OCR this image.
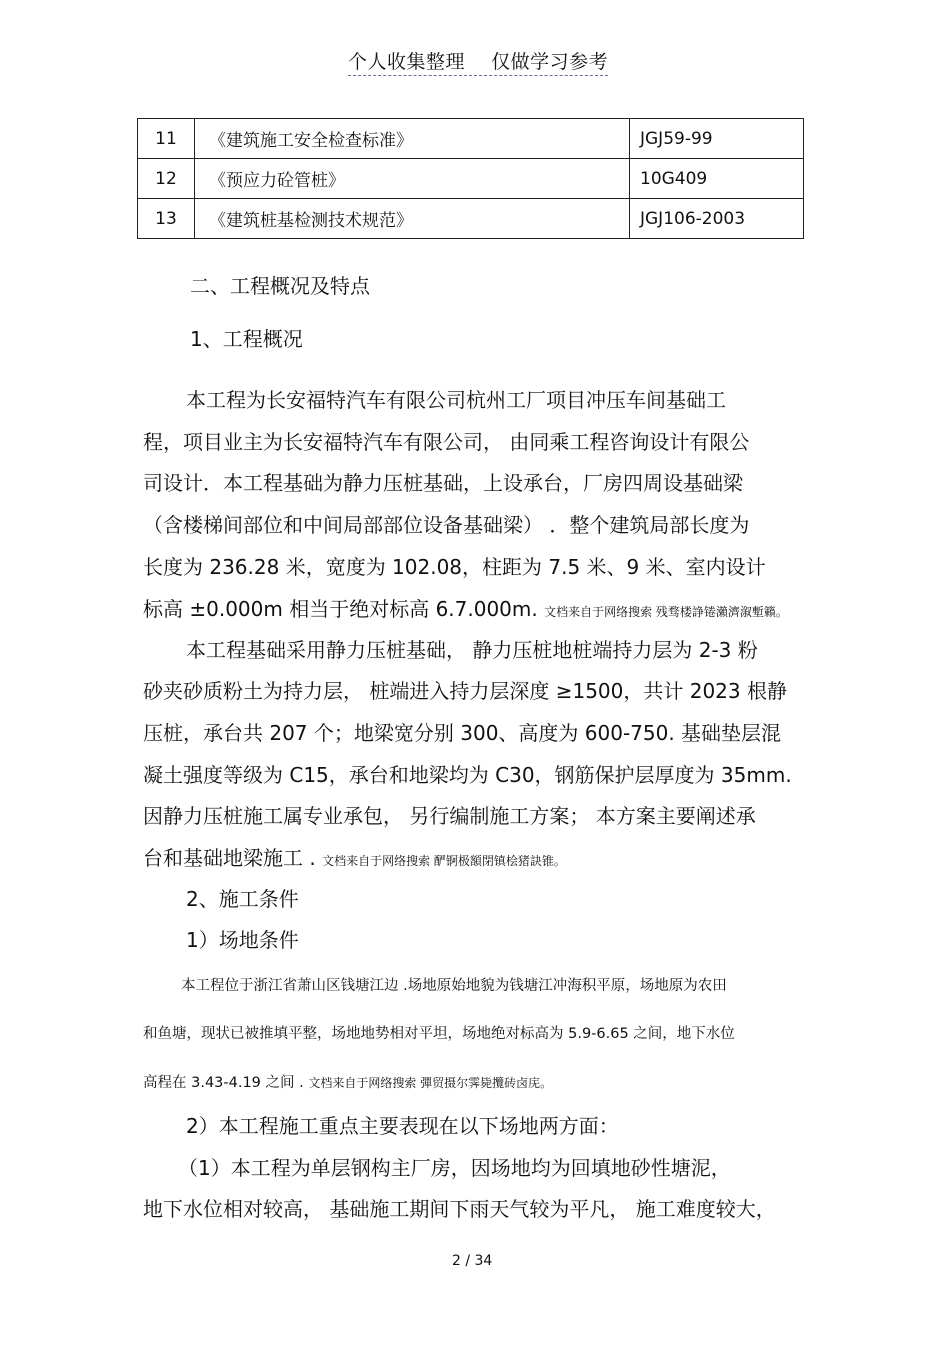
个人收集整理    仅做学习参考
11	《建筑施工安全检查标准》	JGJ59-99
12	《预应力砼管桩》	10G409
13	《建筑桩基检测技术规范》	JGJ106-2003
二、工程概况及特点
1、工程概况
本工程为长安福特汽车有限公司杭州工厂项目冲压车间基础工
程，项目业主为长安福特汽车有限公司， 由同乘工程咨询设计有限公
司设计．本工程基础为静力压桩基础，上设承台，厂房四周设基础梁
（含楼梯间部位和中间局部部位设备基础梁） ．整个建筑局部长度为
长度为 236.28 米，宽度为 102.08，柱距为 7.5 米、9 米、室内设计
标高 ±0.000m 相当于绝对标高 6.7.000m. 文档来自于网络搜索 残骛楼諍锩瀨濟溆塹籟。
本工程基础采用静力压桩基础， 静力压桩地桩端持力层为 2-3 粉
砂夹砂质粉土为持力层， 桩端进入持力层深度 ≥1500，共计 2023 根静
压桩，承台共 207 个；地梁宽分别 300、高度为 600-750. 基础垫层混
凝土强度等级为 C15，承台和地梁均为 C30，钢筋保护层厚度为 35mm.
因静力压桩施工属专业承包， 另行编制施工方案； 本方案主要阐述承
台和基础地梁施工 . 文档来自于网络搜索 酽锕极額閉镇桧猪訣锥。
2、施工条件
1）场地条件
本工程位于浙江省萧山区钱塘江边 .场地原始地貌为钱塘江冲海积平原，场地原为农田
和鱼塘，现状已被推填平整，场地地势相对平坦，场地绝对标高为 5.9-6.65 之间，地下水位
高程在 3.43-4.19 之间 . 文档来自于网络搜索 彈贸摄尔霁毙攬砖卤庑。
2）本工程施工重点主要表现在以下场地两方面：
（1）本工程为单层钢构主厂房，因场地均为回填地砂性塘泥，
地下水位相对较高， 基础施工期间下雨天气较为平凡， 施工难度较大，
2 / 34
